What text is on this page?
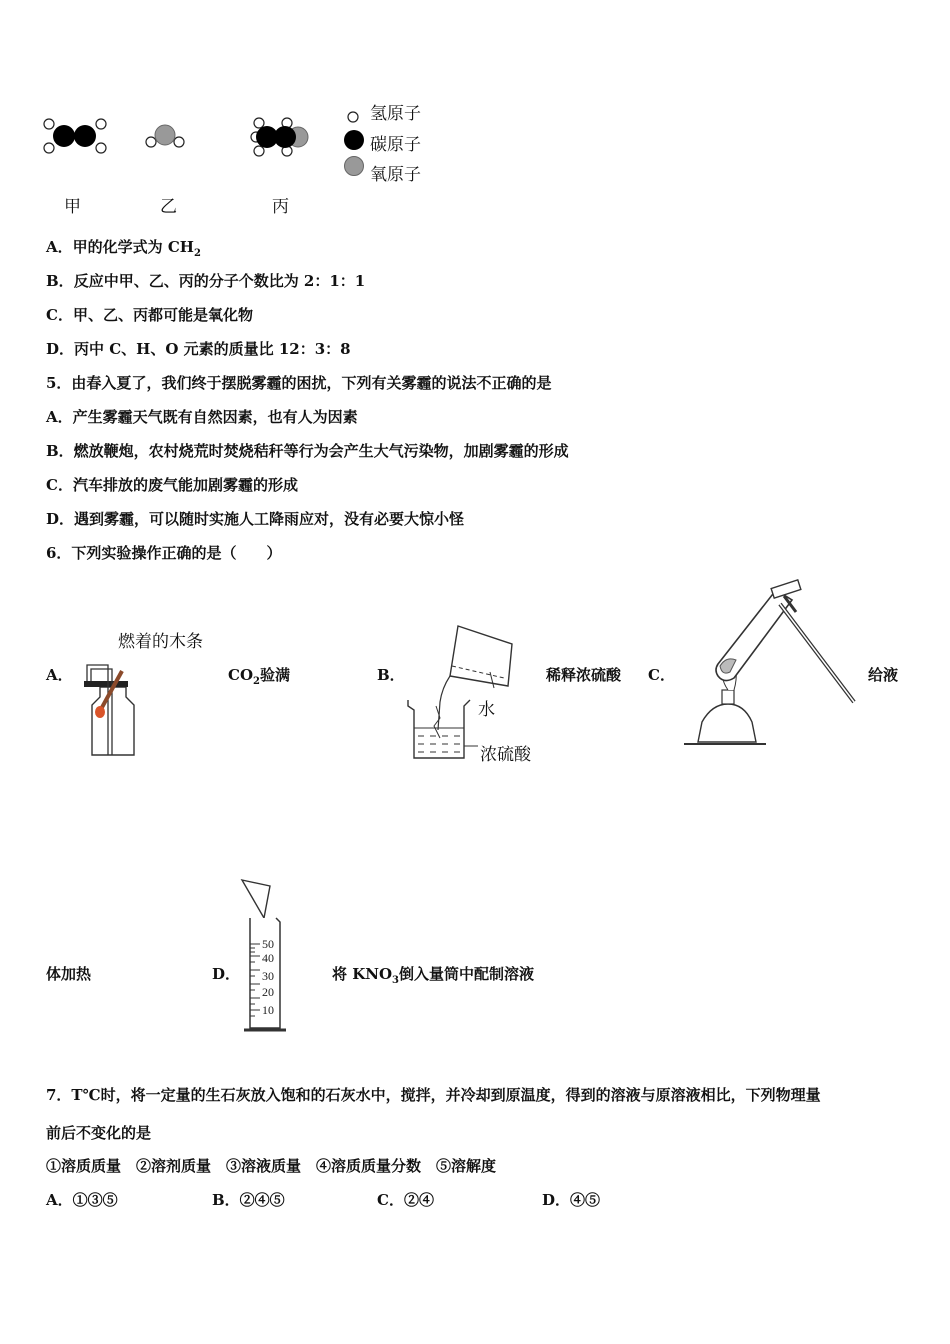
氢原子
碳原子
氧原子
甲	乙	丙
A．甲的化学式为 $CH_2$
B．反应中甲、乙、丙的分子个数比为 2：1：1
C．甲、乙、丙都可能是氧化物
D．丙中 C、H、O 元素的质量比 12：3：8
5．由春入夏了，我们终于摆脱雾霾的困扰，下列有关雾霾的说法不正确的是
A．产生雾霾天气既有自然因素，也有人为因素
B．燃放鞭炮，农村烧荒时焚烧秸秆等行为会产生大气污染物，加剧雾霾的形成
C．汽车排放的废气能加剧雾霾的形成
D．遇到雾霾，可以随时实施人工降雨应对，没有必要大惊小怪
6．下列实验操作正确的是（　　）
燃着的木条
A．	$CO_2$验满	B．
水
浓硫酸
稀释浓硫酸 C．	给液
体加热	D．
50
40
30
20
10
将 $KNO_3$倒入量筒中配制溶液
7．T℃时，将一定量的生石灰放入饱和的石灰水中，搅拌，并冷却到原温度，得到的溶液与原溶液相比，下列物理量
前后不变化的是
①溶质质量　②溶剂质量　③溶液质量　④溶质质量分数　⑤溶解度
A．①③⑤	B．②④⑤	C．②④	D．④⑤
